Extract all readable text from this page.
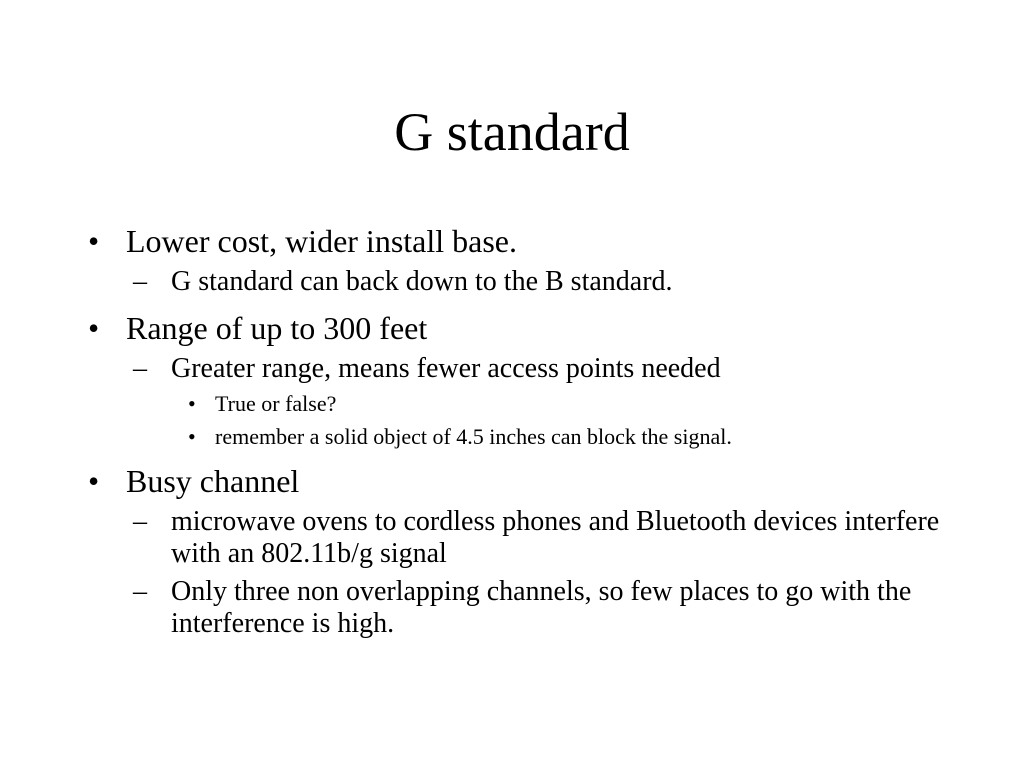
G standard
• Lower cost, wider install base.
– G standard can back down to the B standard.
• Range of up to 300 feet
– Greater range, means fewer access points needed
• True or false?
• remember a solid object of 4.5 inches can block the signal.
• Busy channel
– microwave ovens to cordless phones and Bluetooth devices interfere with an 802.11b/g signal
– Only three non overlapping channels, so few places to go with the interference is high.
